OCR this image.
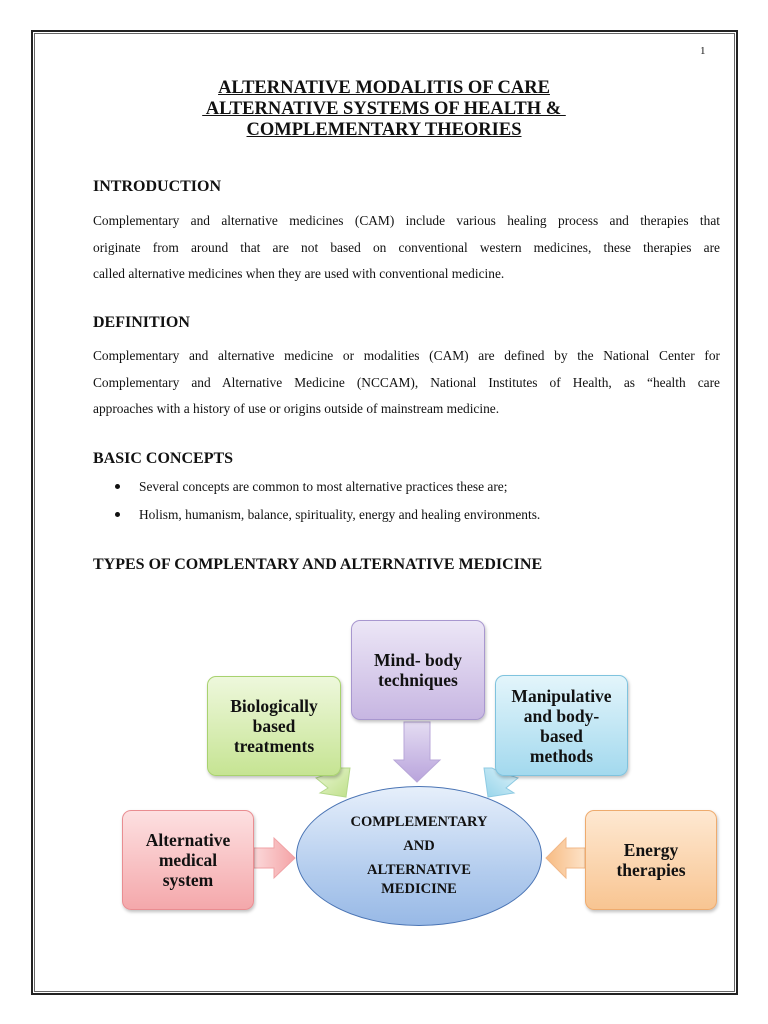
1
ALTERNATIVE MODALITIS OF CARE
ALTERNATIVE SYSTEMS OF HEALTH &
COMPLEMENTARY THEORIES
INTRODUCTION
Complementary and alternative medicines (CAM) include various healing process and therapies that
originate from around that are not based on conventional western medicines, these therapies are
called alternative medicines when they are used with conventional medicine.
DEFINITION
Complementary and alternative medicine or modalities (CAM) are defined by the National Center for
Complementary and Alternative Medicine (NCCAM), National Institutes of Health, as “health care
approaches with a history of use or origins outside of mainstream medicine.
BASIC CONCEPTS
Several concepts are common to most alternative practices these are;
Holism, humanism, balance, spirituality, energy and healing environments.
TYPES OF COMPLENTARY AND ALTERNATIVE MEDICINE
Mind- body
techniques
Biologically
based
treatments
Manipulative
and body-
based
methods
Alternative
medical
system
Energy
therapies
COMPLEMENTARY
AND
ALTERNATIVE
MEDICINE
